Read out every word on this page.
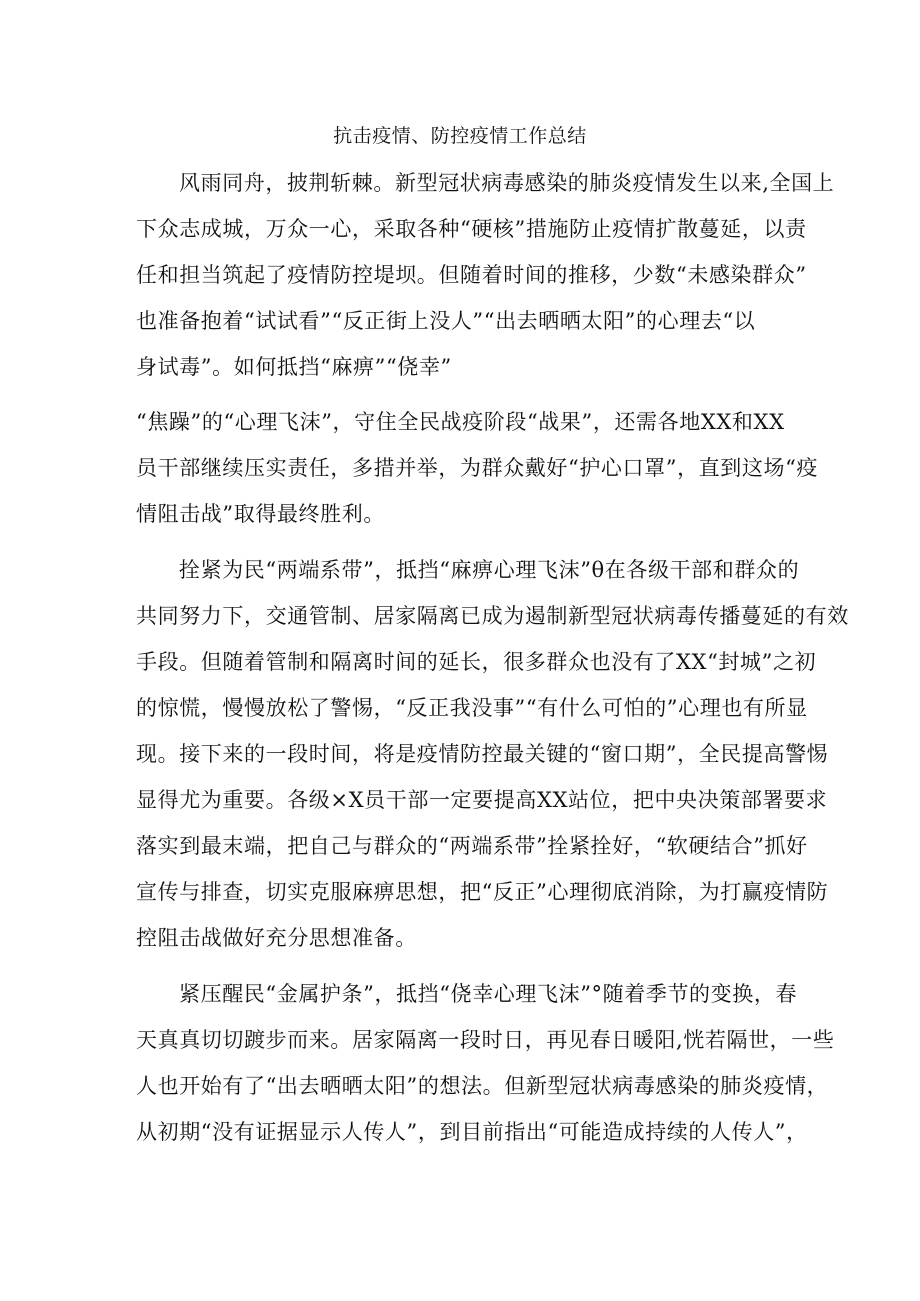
抗击疫情、防控疫情工作总结
风雨同舟，披荆斩棘。新型冠状病毒感染的肺炎疫情发生以来,全国上
下众志成城，万众一心，采取各种“硬核”措施防止疫情扩散蔓延，以责
任和担当筑起了疫情防控堤坝。但随着时间的推移，少数“未感染群众”
也准备抱着“试试看”“反正街上没人”“出去晒晒太阳”的心理去“以
身试毒”。如何抵挡“麻痹”“侥幸”
“焦躁”的“心理飞沫”，守住全民战疫阶段“战果”，还需各地XX和XX
员干部继续压实责任，多措并举，为群众戴好“护心口罩”，直到这场“疫
情阻击战”取得最终胜利。
拴紧为民“两端系带”，抵挡“麻痹心理飞沫”θ在各级干部和群众的
共同努力下，交通管制、居家隔离已成为遏制新型冠状病毒传播蔓延的有效
手段。但随着管制和隔离时间的延长，很多群众也没有了XX“封城”之初
的惊慌，慢慢放松了警惕，“反正我没事”“有什么可怕的”心理也有所显
现。接下来的一段时间，将是疫情防控最关键的“窗口期”，全民提高警惕
显得尤为重要。各级×X员干部一定要提高XX站位，把中央决策部署要求
落实到最末端，把自己与群众的“两端系带”拴紧拴好，“软硬结合”抓好
宣传与排查，切实克服麻痹思想，把“反正”心理彻底消除，为打赢疫情防
控阻击战做好充分思想准备。
紧压醒民“金属护条”，抵挡“侥幸心理飞沫”°随着季节的变换，春
天真真切切踱步而来。居家隔离一段时日，再见春日暖阳,恍若隔世，一些
人也开始有了“出去晒晒太阳”的想法。但新型冠状病毒感染的肺炎疫情，
从初期“没有证据显示人传人”，到目前指出“可能造成持续的人传人”，
